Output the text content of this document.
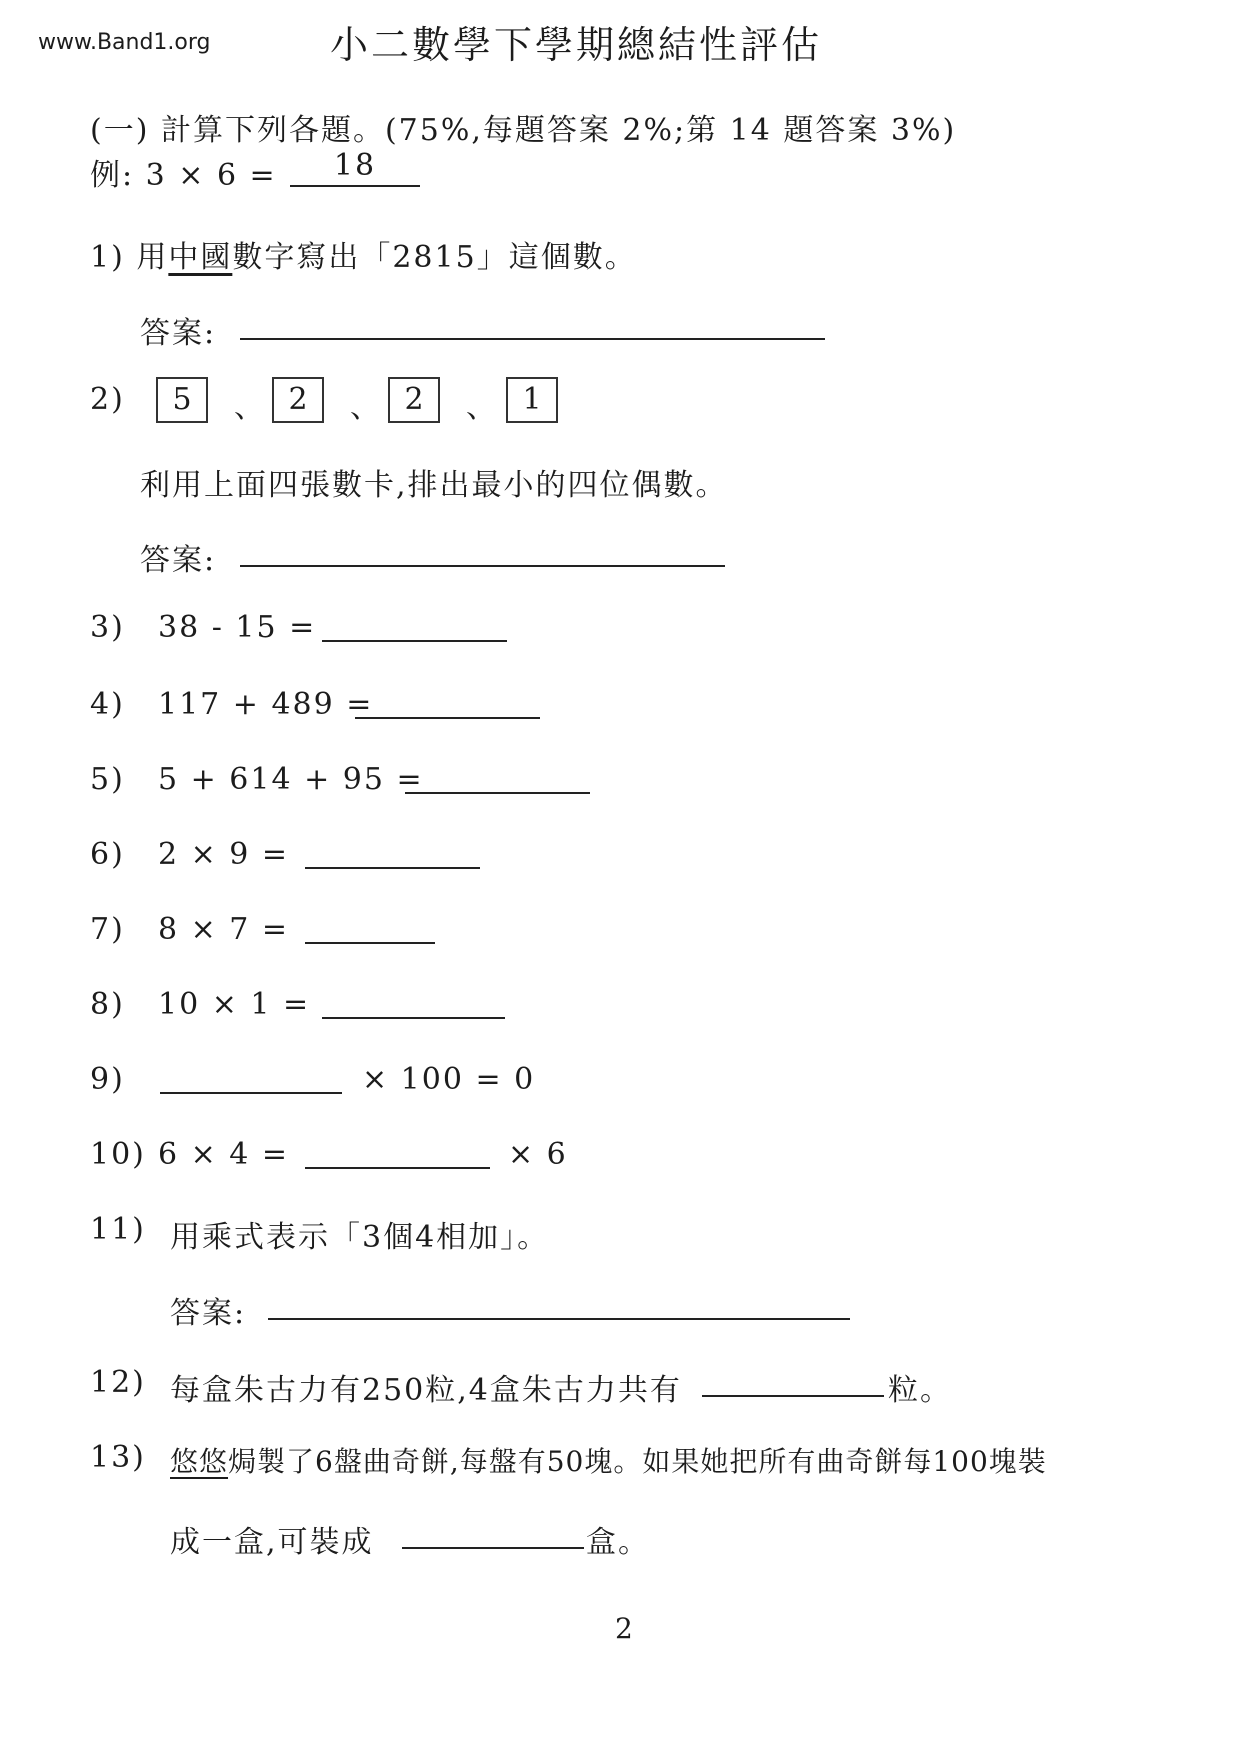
www.Band1.org	小二數學下學期總結性評估
(一) 計算下列各題。(75%,每題答案 2%;第 14 題答案 3%)
例: 3 × 6 =	18
1) 用中國數字寫出「2815」這個數。
答案:
2)	5	、 2	、 2	、 1
利用上面四張數卡,排出最小的四位偶數。
答案:
3) 38 - 15 =
4) 117 + 489 =
5) 5 + 614 + 95 =
6) 2 × 9 =
7) 8 × 7 =
8) 10 × 1 =
9)	× 100 = 0
10) 6 × 4 =	× 6
11) 用乘式表示「3個4相加」。
答案:
12) 每盒朱古力有250粒,4盒朱古力共有	粒。
13) 悠悠焗製了6盤曲奇餅,每盤有50塊。如果她把所有曲奇餅每100塊裝
成一盒,可裝成	盒。
2
